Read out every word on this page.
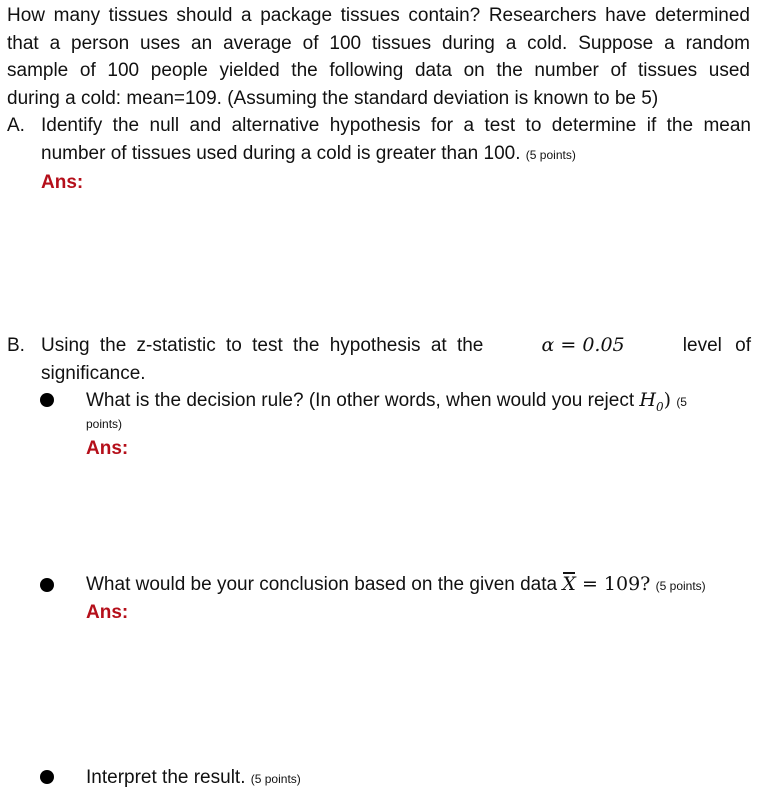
How many tissues should a package tissues contain? Researchers have determined
that a person uses an average of 100 tissues during a cold. Suppose a random
sample of 100 people yielded the following data on the number of tissues used
during a cold: mean=109. (Assuming the standard deviation is known to be 5)
A. Identify the null and alternative hypothesis for a test to determine if the mean
number of tissues used during a cold is greater than 100. (5 points)
Ans:
B. Using the z-statistic to test the hypothesis at the	α = 0.05	level of
significance.
What is the decision rule? (In other words, when would you reject $H_0$) (5
points)
Ans:
What would be your conclusion based on the given data X = 109? (5 points)
Ans:
Interpret the result. (5 points)
